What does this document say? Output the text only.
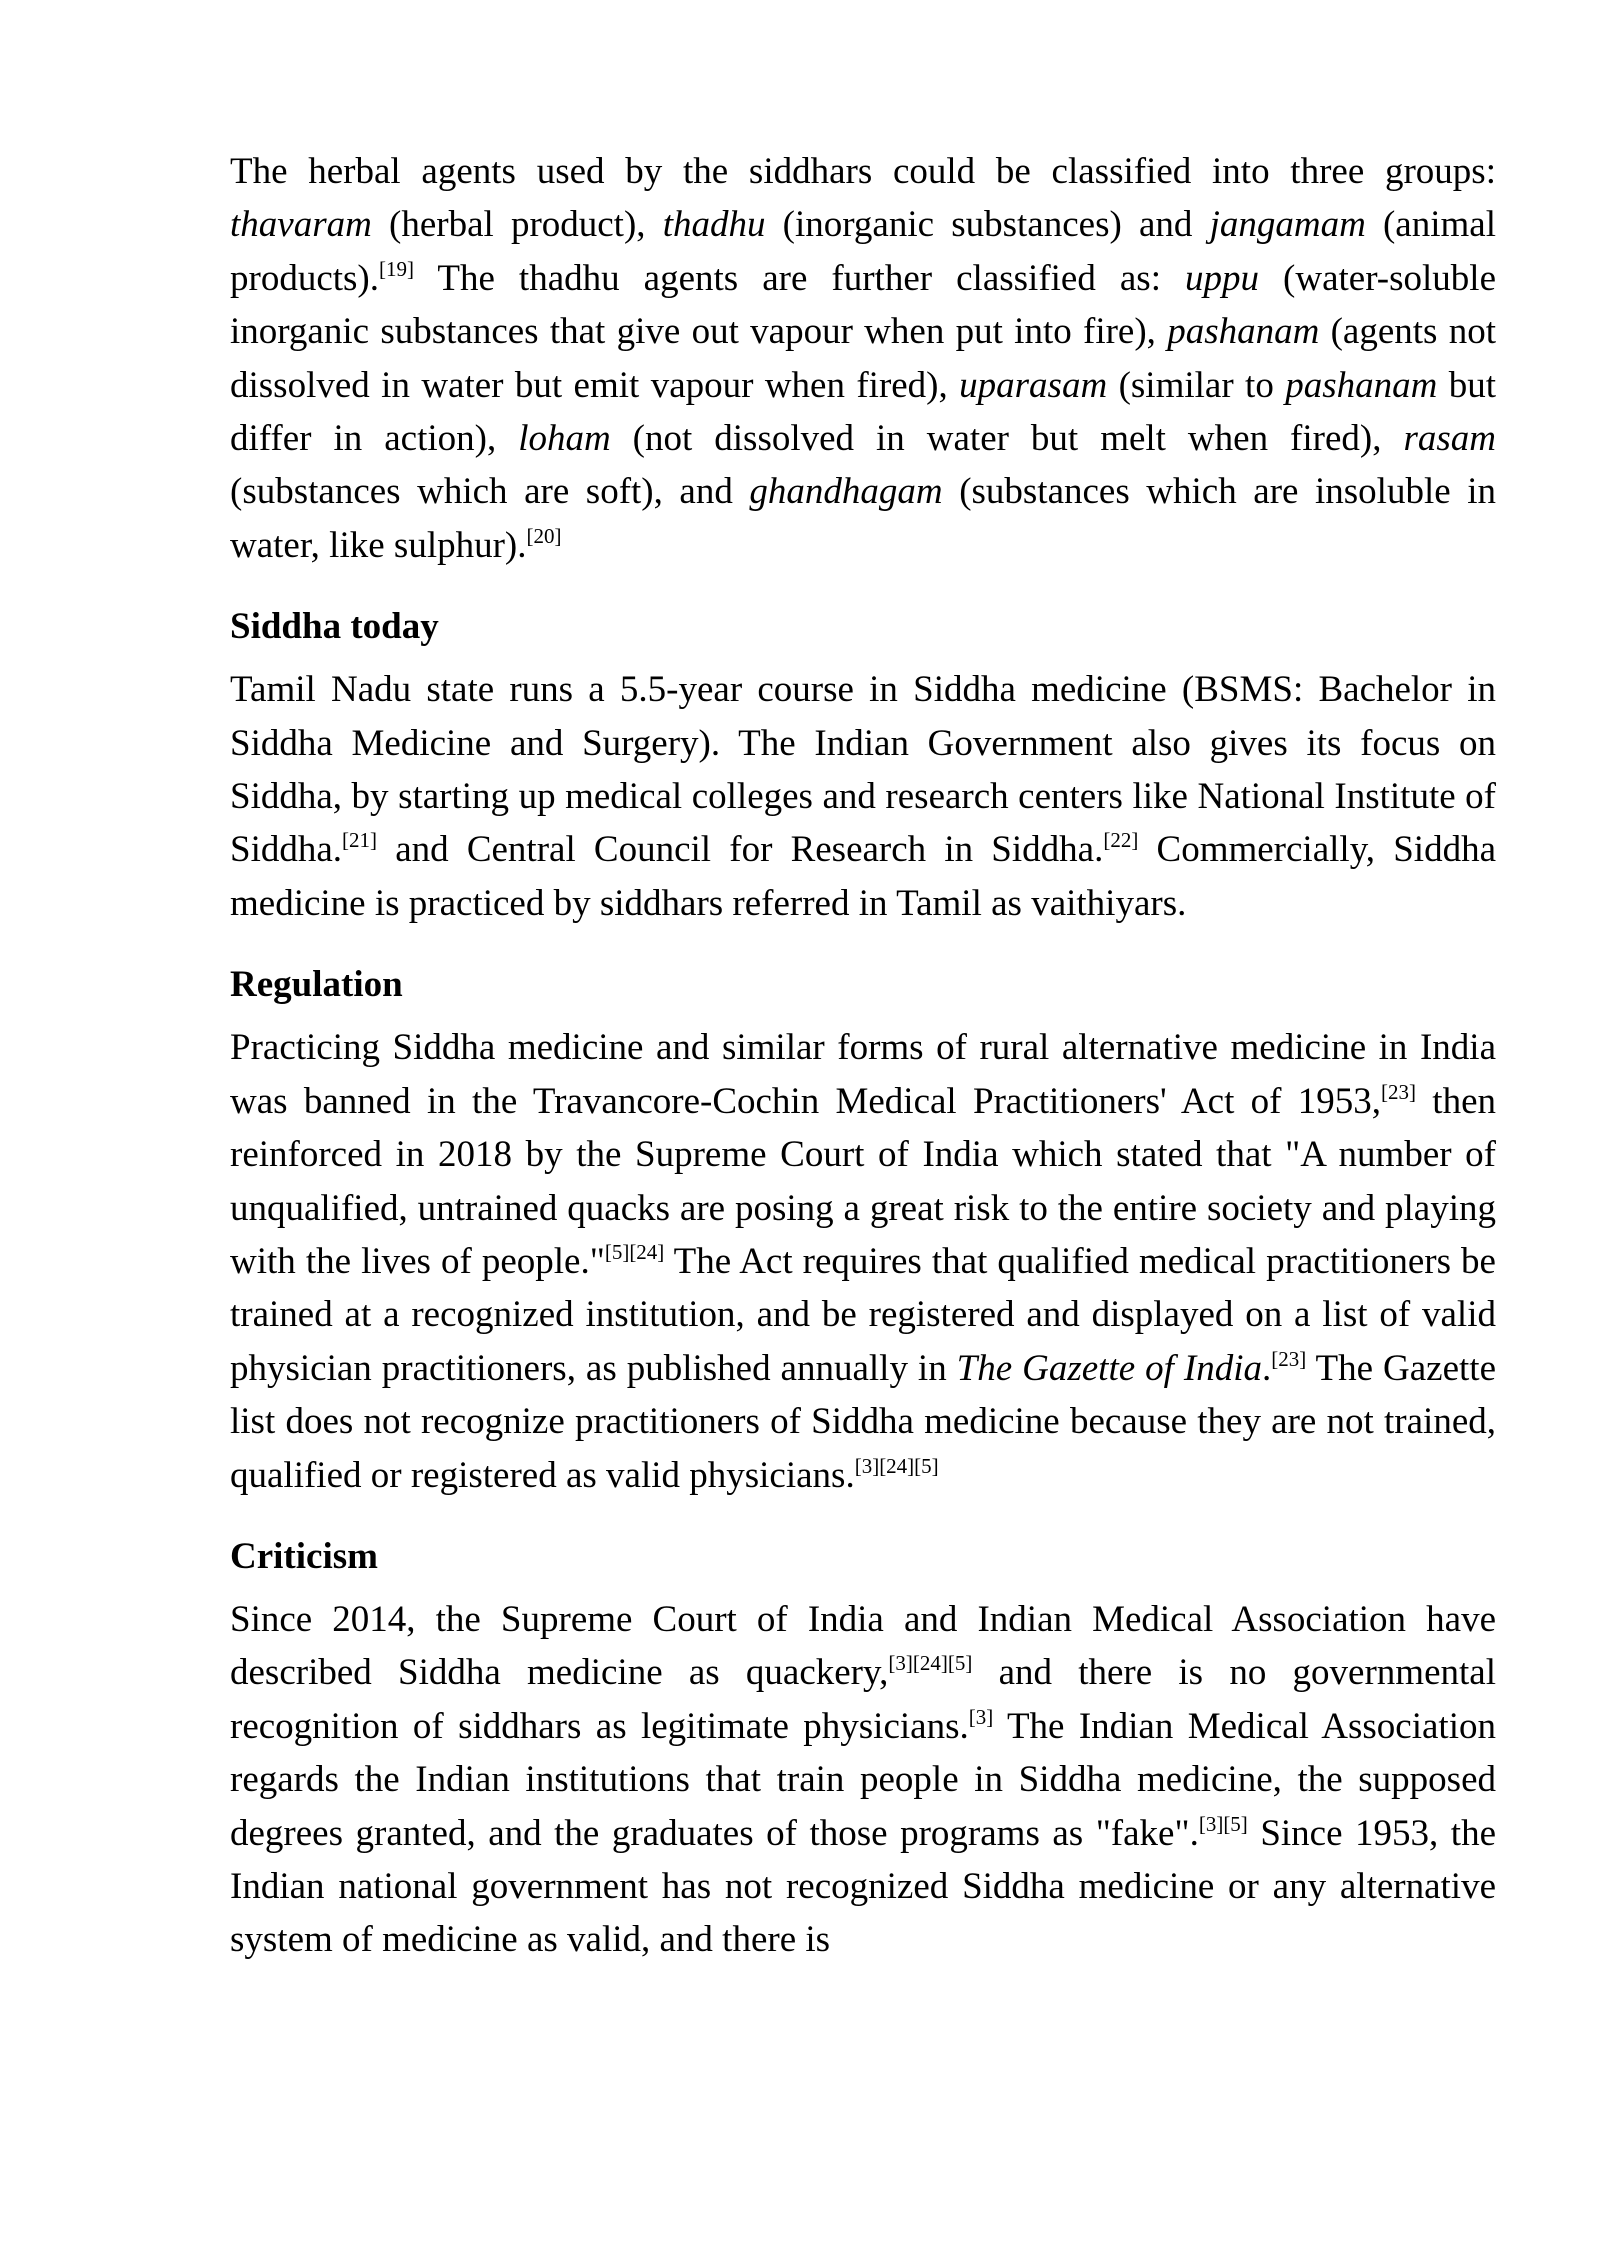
The herbal agents used by the siddhars could be classified into three groups: thavaram (herbal product), thadhu (inorganic substances) and jangamam (animal products).[19] The thadhu agents are further classified as: uppu (water-soluble inorganic substances that give out vapour when put into fire), pashanam (agents not dissolved in water but emit vapour when fired), uparasam (similar to pashanam but differ in action), loham (not dissolved in water but melt when fired), rasam (substances which are soft), and ghandhagam (substances which are insoluble in water, like sulphur).[20]

Siddha today

Tamil Nadu state runs a 5.5-year course in Siddha medicine (BSMS: Bachelor in Siddha Medicine and Surgery). The Indian Government also gives its focus on Siddha, by starting up medical colleges and research centers like National Institute of Siddha.[21] and Central Council for Research in Siddha.[22] Commercially, Siddha medicine is practiced by siddhars referred in Tamil as vaithiyars.

Regulation

Practicing Siddha medicine and similar forms of rural alternative medicine in India was banned in the Travancore-Cochin Medical Practitioners' Act of 1953,[23] then reinforced in 2018 by the Supreme Court of India which stated that "A number of unqualified, untrained quacks are posing a great risk to the entire society and playing with the lives of people."[5][24] The Act requires that qualified medical practitioners be trained at a recognized institution, and be registered and displayed on a list of valid physician practitioners, as published annually in The Gazette of India.[23] The Gazette list does not recognize practitioners of Siddha medicine because they are not trained, qualified or registered as valid physicians.[3][24][5]

Criticism

Since 2014, the Supreme Court of India and Indian Medical Association have described Siddha medicine as quackery,[3][24][5] and there is no governmental recognition of siddhars as legitimate physicians.[3] The Indian Medical Association regards the Indian institutions that train people in Siddha medicine, the supposed degrees granted, and the graduates of those programs as "fake".[3][5] Since 1953, the Indian national government has not recognized Siddha medicine or any alternative system of medicine as valid, and there is
